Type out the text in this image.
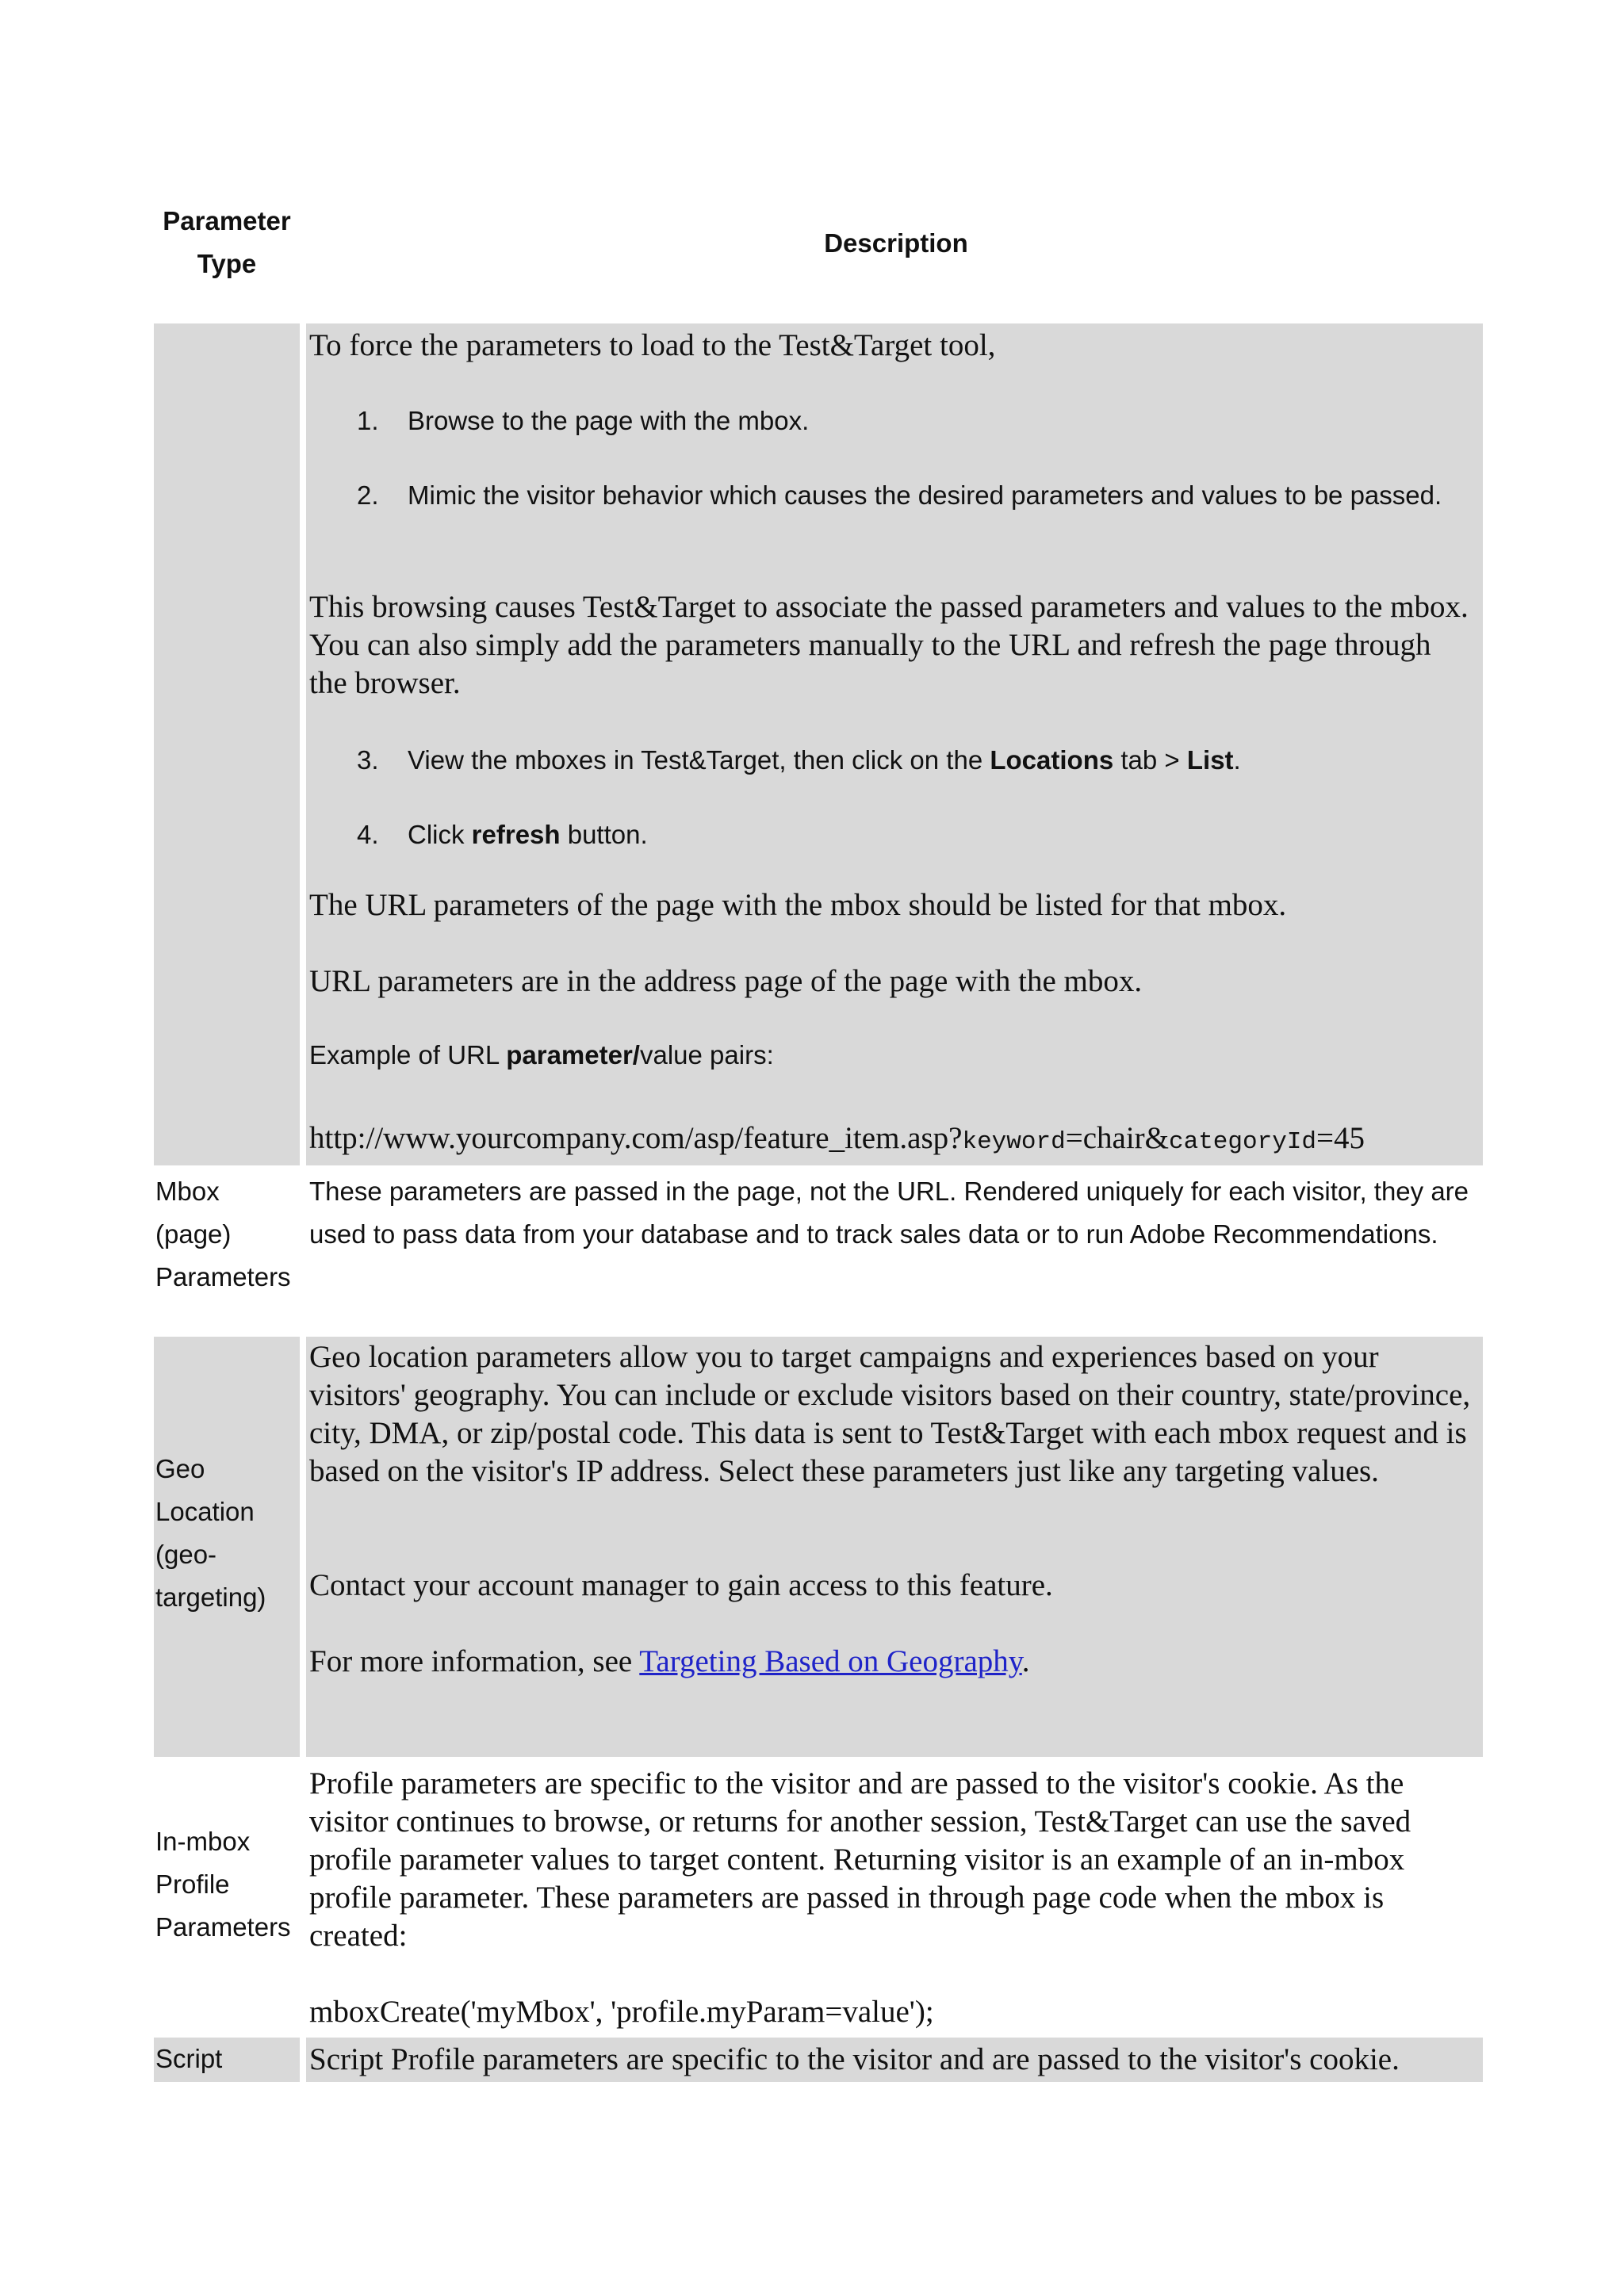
Parameter Type
Description

To force the parameters to load to the Test&Target tool,

1. Browse to the page with the mbox.
2. Mimic the visitor behavior which causes the desired parameters and values to be passed.

This browsing causes Test&Target to associate the passed parameters and values to the mbox. You can also simply add the parameters manually to the URL and refresh the page through the browser.

3. View the mboxes in Test&Target, then click on the Locations tab > List.
4. Click refresh button.

The URL parameters of the page with the mbox should be listed for that mbox.

URL parameters are in the address page of the page with the mbox.

Example of URL parameter/value pairs:

http://www.yourcompany.com/asp/feature_item.asp?keyword=chair&categoryId=45

Mbox (page) Parameters

These parameters are passed in the page, not the URL. Rendered uniquely for each visitor, they are used to pass data from your database and to track sales data or to run Adobe Recommendations.

Geo Location (geo-targeting)

Geo location parameters allow you to target campaigns and experiences based on your visitors' geography. You can include or exclude visitors based on their country, state/province, city, DMA, or zip/postal code. This data is sent to Test&Target with each mbox request and is based on the visitor's IP address. Select these parameters just like any targeting values.

Contact your account manager to gain access to this feature.

For more information, see Targeting Based on Geography.

In-mbox Profile Parameters

Profile parameters are specific to the visitor and are passed to the visitor's cookie. As the visitor continues to browse, or returns for another session, Test&Target can use the saved profile parameter values to target content. Returning visitor is an example of an in-mbox profile parameter. These parameters are passed in through page code when the mbox is created:

mboxCreate('myMbox', 'profile.myParam=value');

Script	Script Profile parameters are specific to the visitor and are passed to the visitor's cookie.
